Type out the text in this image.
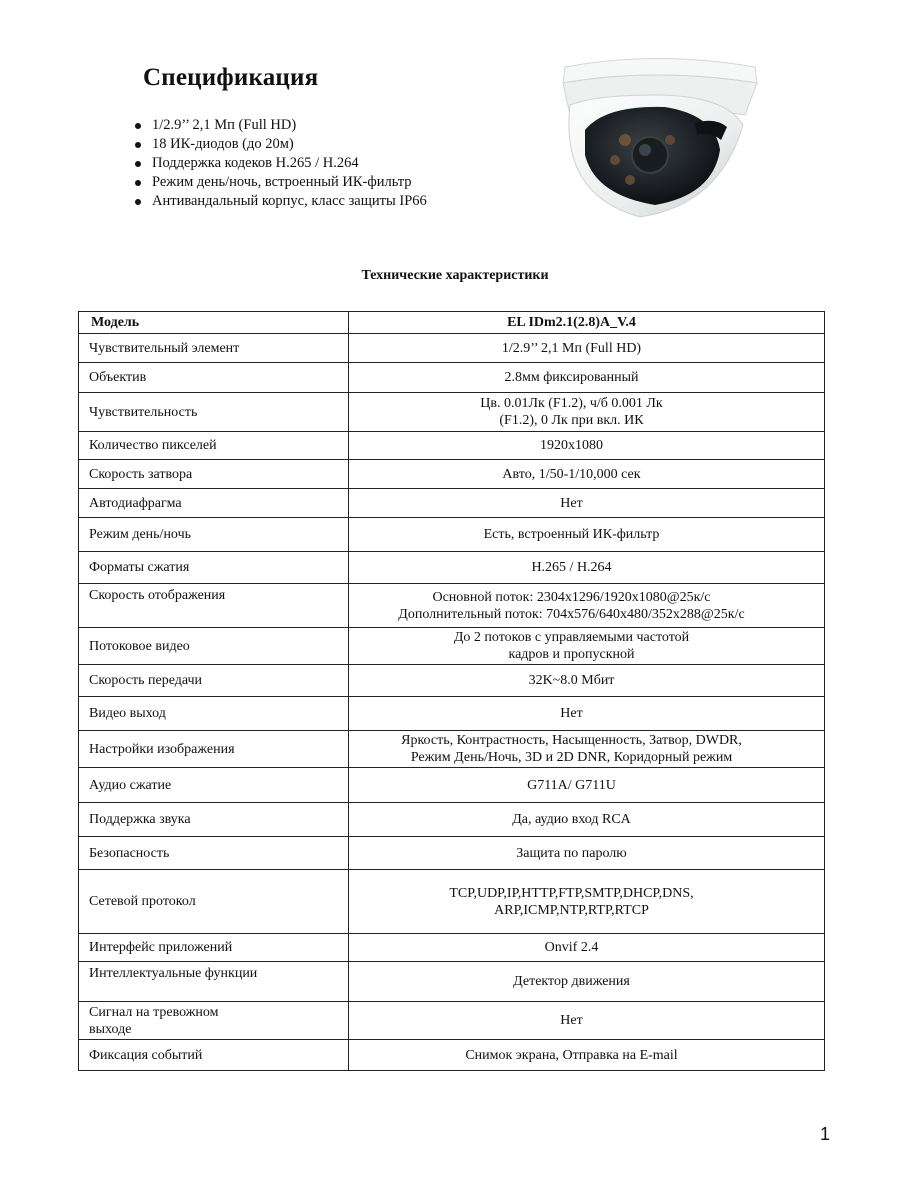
Спецификация
1/2.9’’ 2,1 Мп (Full HD)
18 ИК-диодов (до 20м)
Поддержка кодеков H.265 / H.264
Режим день/ночь, встроенный ИК-фильтр
Антивандальный корпус, класс защиты IP66
Технические характеристики
Модель	EL IDm2.1(2.8)A_V.4
Чувствительный элемент	1/2.9’’ 2,1 Мп (Full HD)

Объектив	2.8мм фиксированный

Чувствительность	Цв. 0.01Лк (F1.2), ч/б 0.001 Лк
(F1.2), 0 Лк при вкл. ИК

Количество пикселей	1920x1080

Скорость затвора	Авто, 1/50-1/10,000 сек

Автодиафрагма	Нет

Режим день/ночь	Есть, встроенный ИК-фильтр

Форматы сжатия	H.265 / H.264

Скорость отображения	Основной поток: 2304x1296/1920x1080@25к/с
Дополнительный поток: 704x576/640x480/352x288@25к/с

Потоковое видео	До 2 потоков с управляемыми частотой
кадров и пропускной

Скорость передачи	32K~8.0 Мбит

Видео выход	Нет

Настройки изображения	Яркость, Контрастность, Насыщенность, Затвор, DWDR,
Режим День/Ночь, 3D и 2D DNR, Коридорный режим

Аудио сжатие	G711A/ G711U

Поддержка звука	Да, аудио вход RCA

Безопасность	Защита по паролю

Сетевой протокол	TCP,UDP,IP,HTTP,FTP,SMTP,DHCP,DNS,
ARP,ICMP,NTP,RTP,RTCP

Интерфейс приложений	Onvif 2.4

Интеллектуальные функции	Детектор движения

Сигнал на тревожном выходе	Нет

Фиксация событий	Снимок экрана, Отправка на E-mail
1
